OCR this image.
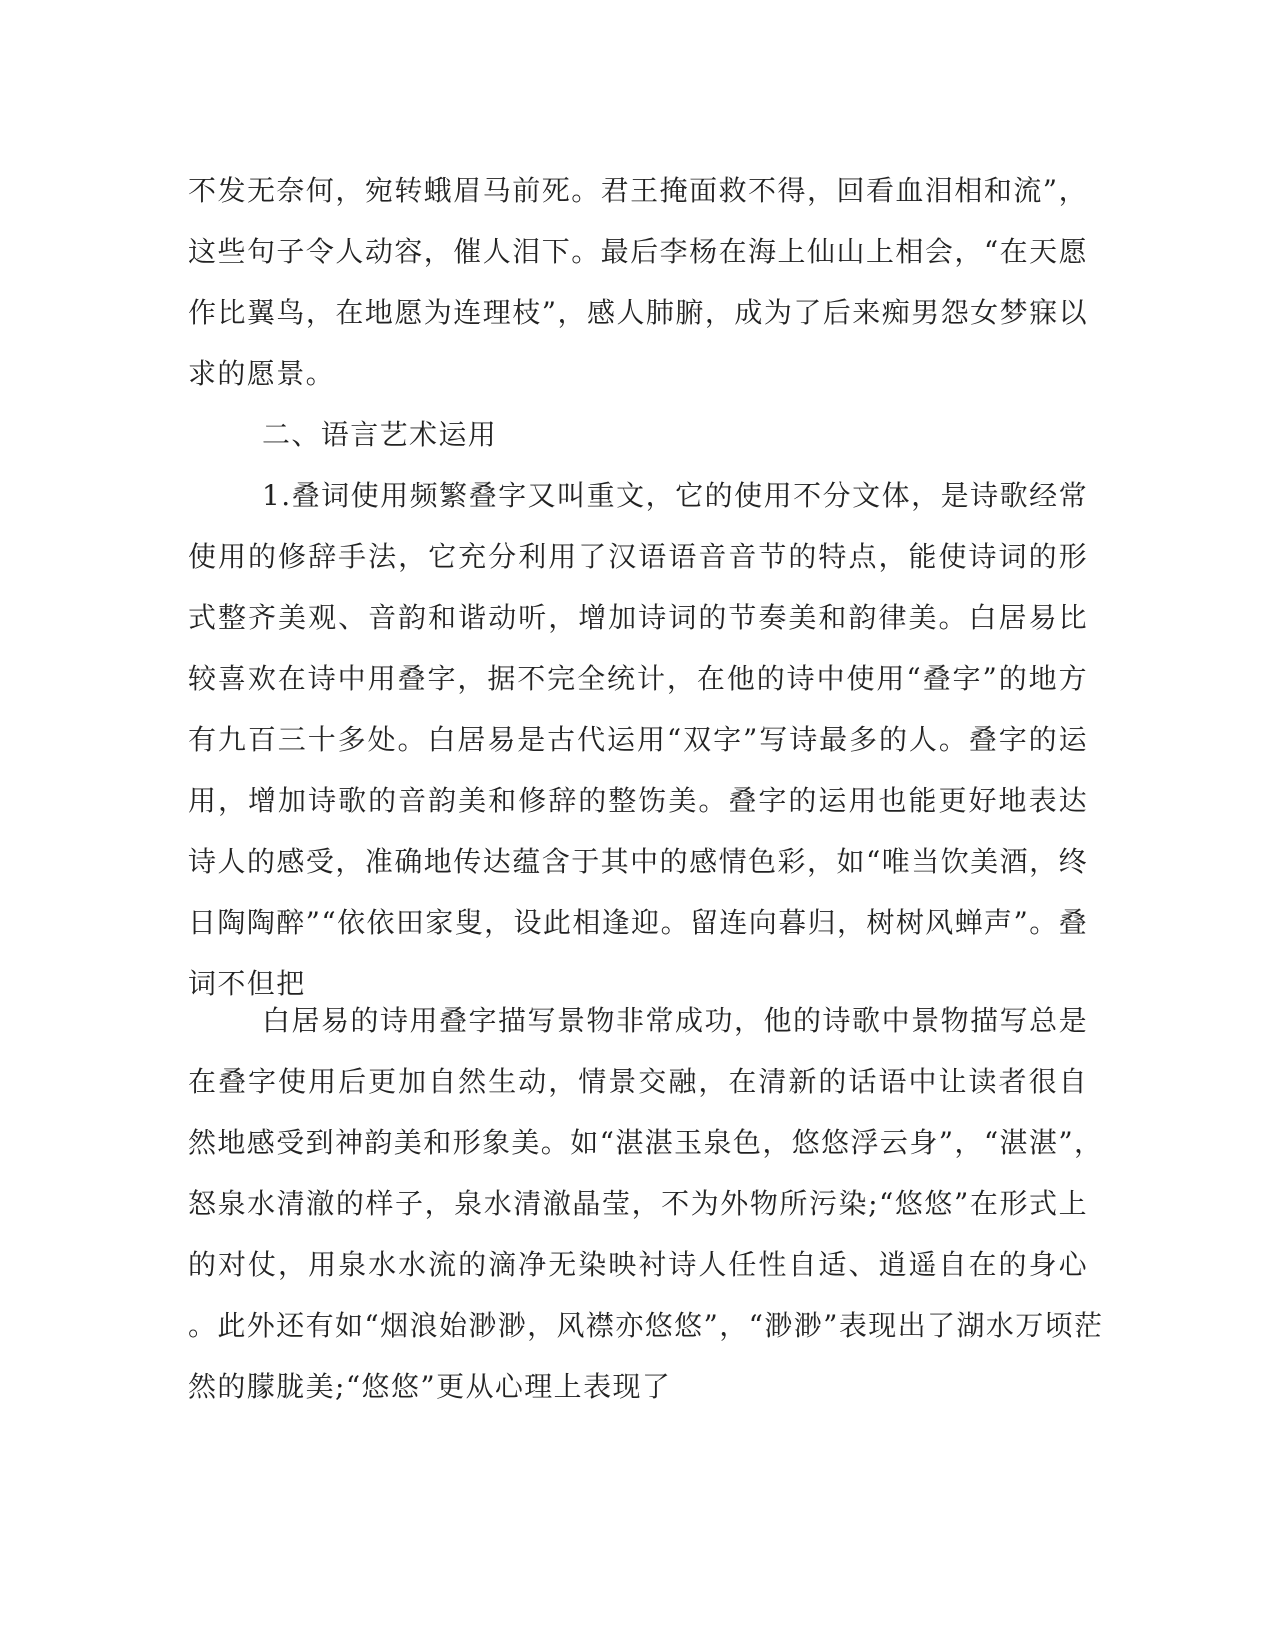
不发无奈何，宛转蛾眉马前死。君王掩面救不得，回看血泪相和流”，
这些句子令人动容，催人泪下。最后李杨在海上仙山上相会，“在天愿
作比翼鸟，在地愿为连理枝”，感人肺腑，成为了后来痴男怨女梦寐以
求的愿景。
二、语言艺术运用
1.叠词使用频繁叠字又叫重文，它的使用不分文体，是诗歌经常
使用的修辞手法，它充分利用了汉语语音音节的特点，能使诗词的形
式整齐美观、音韵和谐动听，增加诗词的节奏美和韵律美。白居易比
较喜欢在诗中用叠字，据不完全统计，在他的诗中使用“叠字”的地方
有九百三十多处。白居易是古代运用“双字”写诗最多的人。叠字的运
用，增加诗歌的音韵美和修辞的整饬美。叠字的运用也能更好地表达
诗人的感受，准确地传达蕴含于其中的感情色彩，如“唯当饮美酒，终
日陶陶醉”“依依田家叟，设此相逢迎。留连向暮归，树树风蝉声”。叠
词不但把
白居易的诗用叠字描写景物非常成功，他的诗歌中景物描写总是
在叠字使用后更加自然生动，情景交融，在清新的话语中让读者很自
然地感受到神韵美和形象美。如“湛湛玉泉色，悠悠浮云身”，“湛湛”，
怒泉水清澈的样子，泉水清澈晶莹，不为外物所污染;“悠悠”在形式上
的对仗，用泉水水流的滴净无染映衬诗人任性自适、逍遥自在的身心
。此外还有如“烟浪始渺渺，风襟亦悠悠”，“渺渺”表现出了湖水万顷茫
然的朦胧美;“悠悠”更从心理上表现了
